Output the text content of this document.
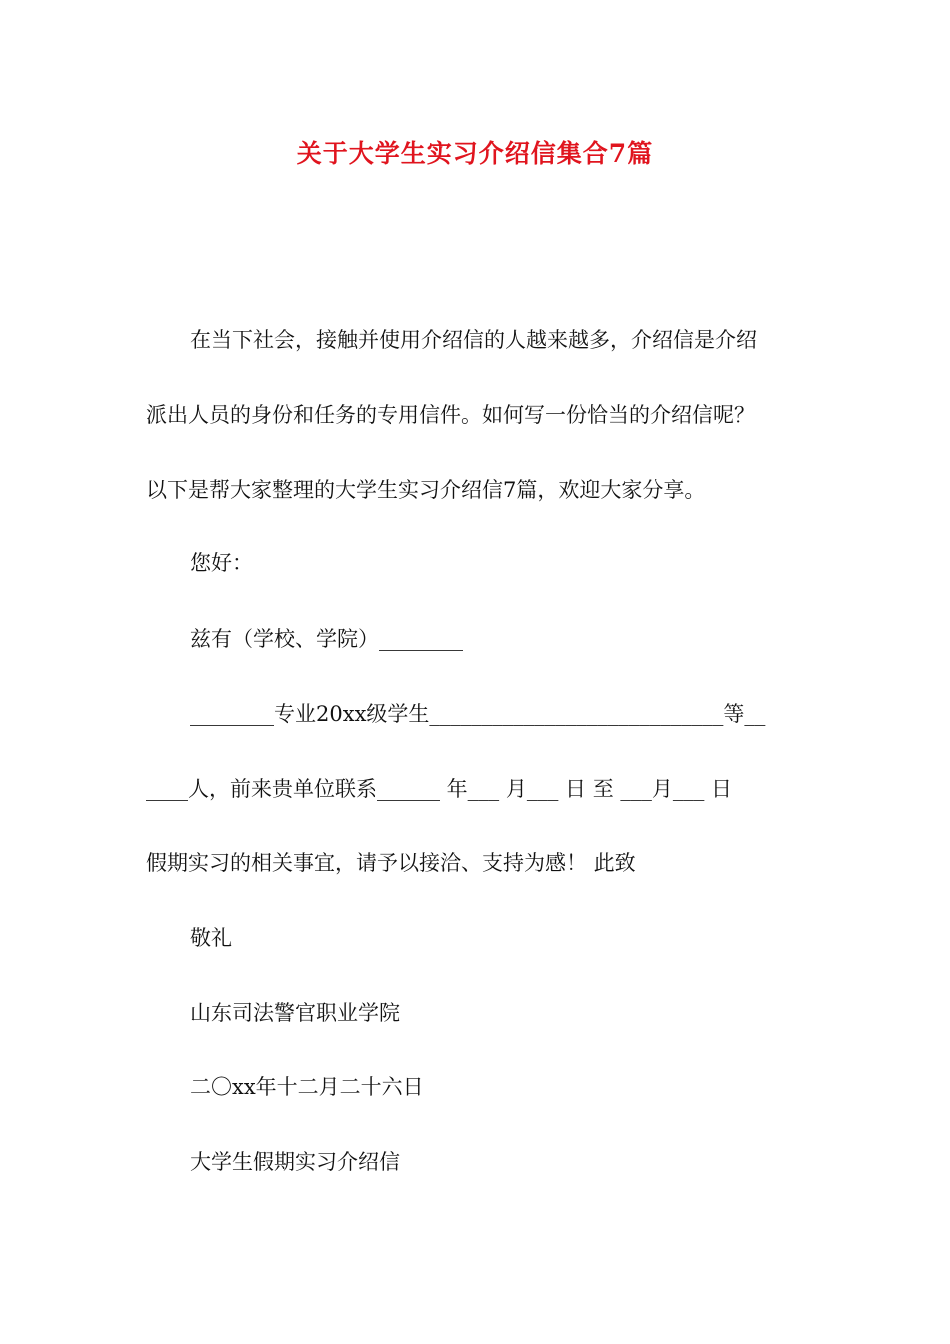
关于大学生实习介绍信集合7篇
在当下社会，接触并使用介绍信的人越来越多，介绍信是介绍
派出人员的身份和任务的专用信件。如何写一份恰当的介绍信呢？
以下是帮大家整理的大学生实习介绍信7篇，欢迎大家分享。
您好：
兹有（学校、学院）________
________专业20xx级学生____________________________等__
____人，前来贵单位联系______ 年___ 月___ 日 至 ___月___ 日
假期实习的相关事宜，请予以接洽、支持为感！ 此致
敬礼
山东司法警官职业学院
二〇xx年十二月二十六日
大学生假期实习介绍信
